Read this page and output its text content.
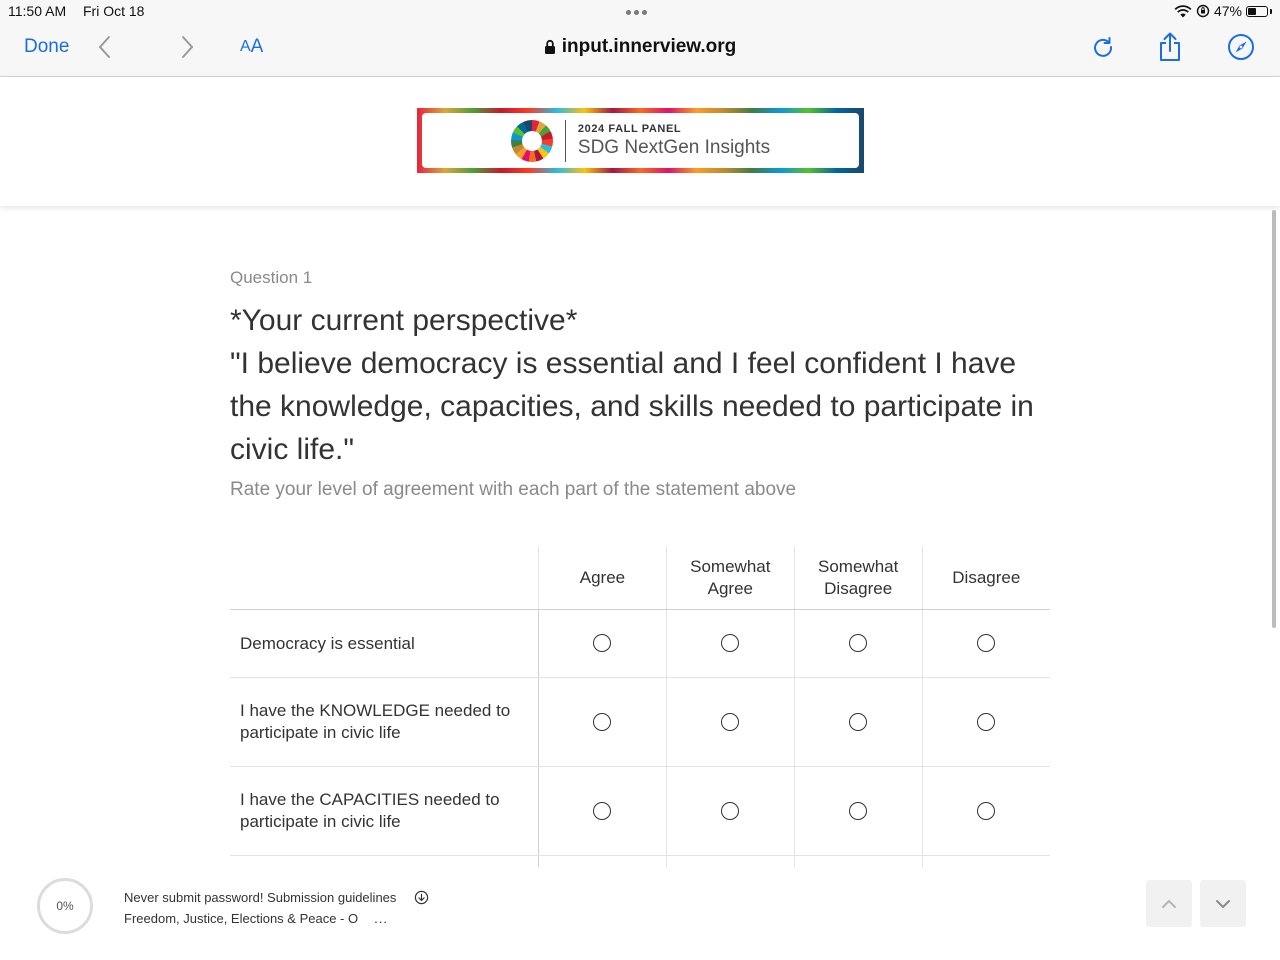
11:50 AM Fri Oct 18	47%
Done	A A	input.innerview.org
2024 FALL PANEL
SDG NextGen Insights

Question 1

*Your current perspective*

"I believe democracy is essential and I feel confident I have the knowledge, capacities, and skills needed to participate in civic life."

Rate your level of agreement with each part of the statement above
	Agree	Somewhat Agree	Somewhat Disagree	Disagree
Democracy is essential				
I have the KNOWLEDGE needed to participate in civic life				
I have the CAPACITIES needed to participate in civic life				

0%
Never submit password! Submission guidelines
Freedom, Justice, Elections & Peace - O ...
